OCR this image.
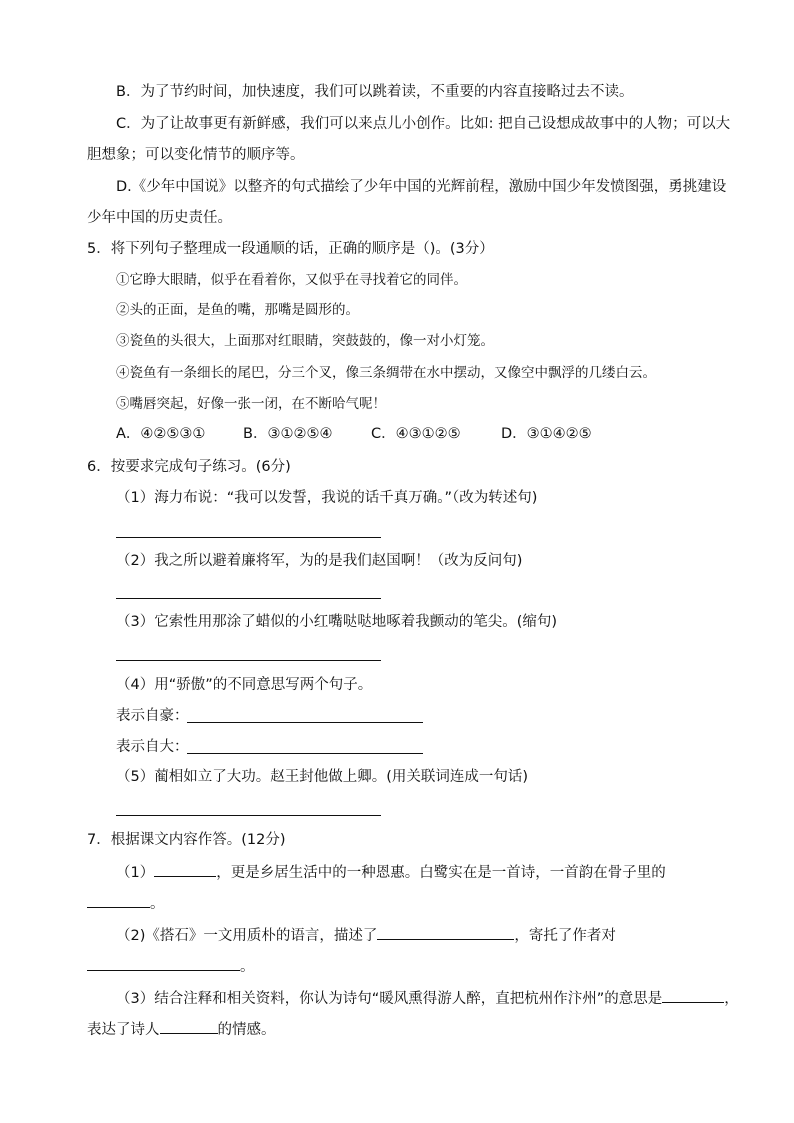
B．为了节约时间，加快速度，我们可以跳着读，不重要的内容直接略过去不读。
C．为了让故事更有新鲜感，我们可以来点儿小创作。比如: 把自己设想成故事中的人物；可以大
胆想象；可以变化情节的顺序等。
D.《少年中国说》以整齐的句式描绘了少年中国的光辉前程，激励中国少年发愤图强，勇挑建设
少年中国的历史责任。
5．将下列句子整理成一段通顺的话，正确的顺序是（)。(3分）
①它睁大眼睛，似乎在看着你，又似乎在寻找着它的同伴。
②头的正面，是鱼的嘴，那嘴是圆形的。
③瓷鱼的头很大，上面那对红眼睛，突鼓鼓的，像一对小灯笼。
④瓷鱼有一条细长的尾巴，分三个叉，像三条绸带在水中摆动，又像空中飘浮的几缕白云。
⑤嘴唇突起，好像一张一闭，在不断哈气呢！
A．④②⑤③①	B．③①②⑤④	C．④③①②⑤	D．③①④②⑤
6．按要求完成句子练习。(6分)
（1）海力布说：“我可以发誓，我说的话千真万确。”（改为转述句)
（2）我之所以避着廉将军，为的是我们赵国啊！（改为反问句)
（3）它索性用那涂了蜡似的小红嘴哒哒地啄着我颤动的笔尖。(缩句)
（4）用“骄傲”的不同意思写两个句子。
表示自豪：
表示自大：
（5）蔺相如立了大功。赵王封他做上卿。(用关联词连成一句话)
7．根据课文内容作答。(12分)
（1）	，更是乡居生活中的一种恩惠。白鹭实在是一首诗，一首韵在骨子里的
。
（2)《搭石》一文用质朴的语言，描述了	，寄托了作者对
。
（3）结合注释和相关资料，你认为诗句“暖风熏得游人醉，直把杭州作汴州”的意思是	，
表达了诗人	的情感。
